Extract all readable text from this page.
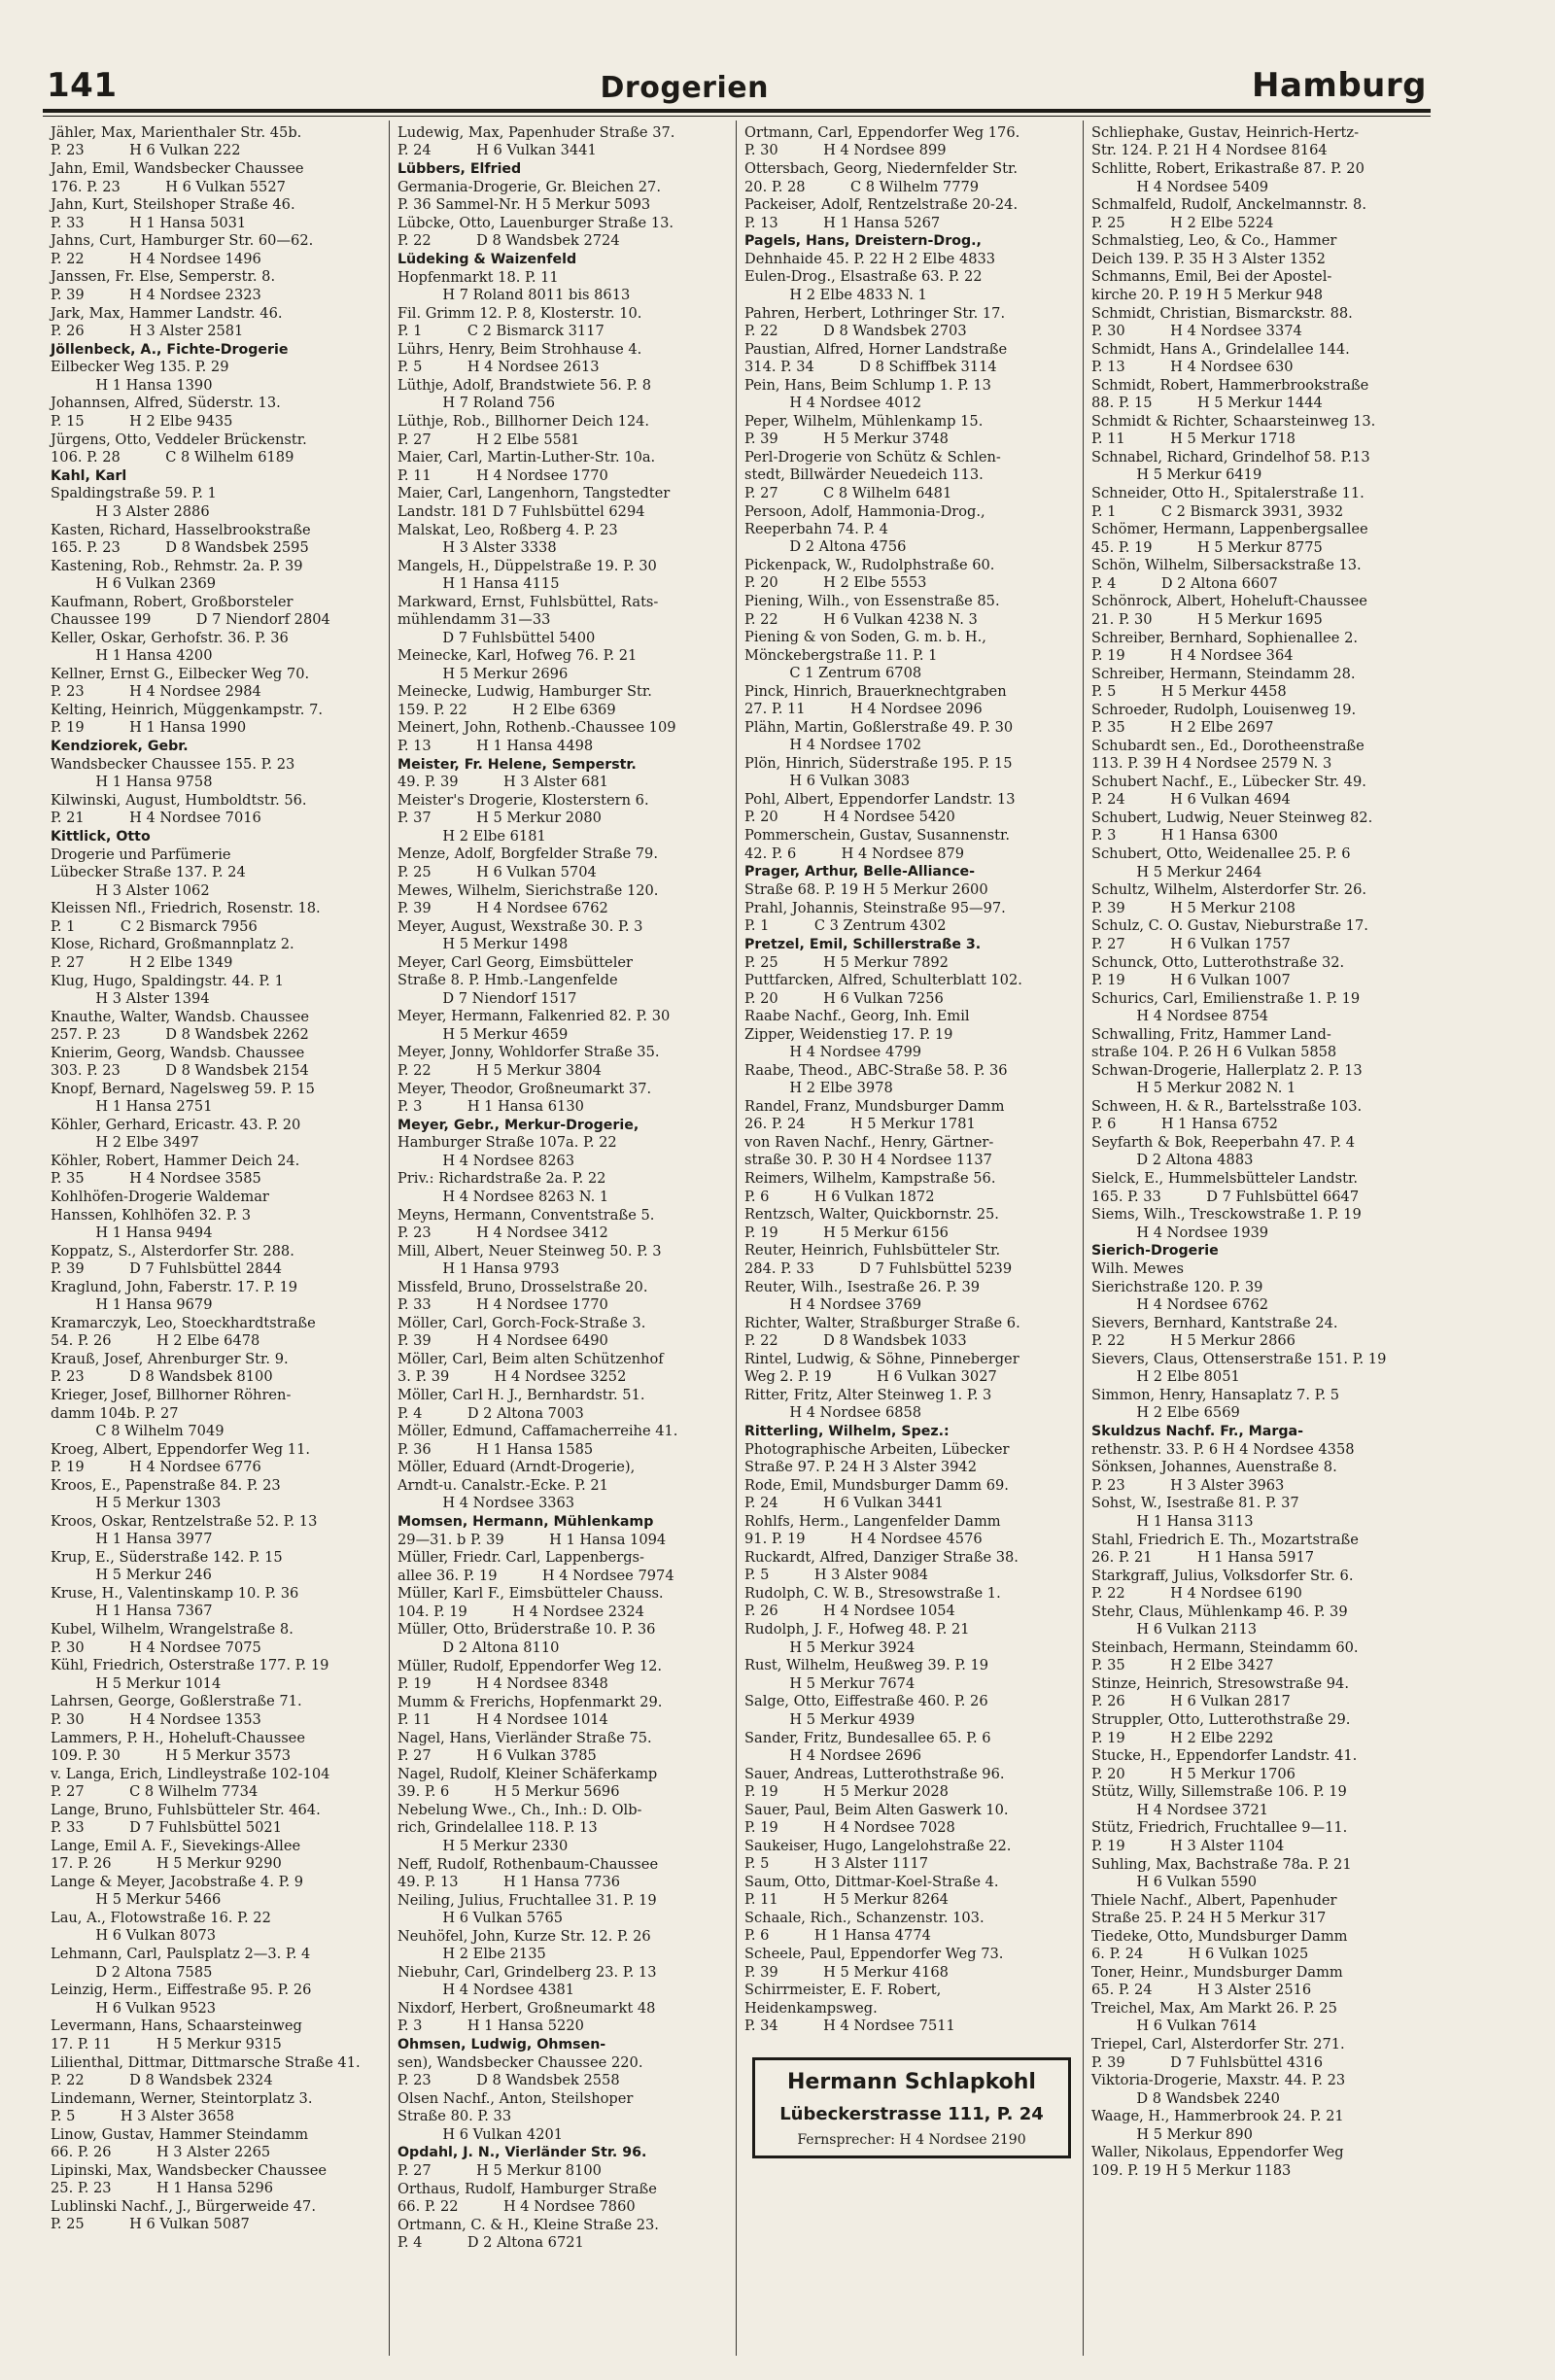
141	Drogerien	Hamburg
Jähler, Max, Marienthaler Str. 45b.
P. 23          H 6 Vulkan 222
Jahn, Emil, Wandsbecker Chaussee
176. P. 23          H 6 Vulkan 5527
Jahn, Kurt, Steilshoper Straße 46.
P. 33          H 1 Hansa 5031
Jahns, Curt, Hamburger Str. 60—62.
P. 22          H 4 Nordsee 1496
Janssen, Fr. Else, Semperstr. 8.
P. 39          H 4 Nordsee 2323
Jark, Max, Hammer Landstr. 46.
P. 26          H 3 Alster 2581
Jöllenbeck, A., Fichte-Drogerie
Eilbecker Weg 135. P. 29
H 1 Hansa 1390
Johannsen, Alfred, Süderstr. 13.
P. 15          H 2 Elbe 9435
Jürgens, Otto, Veddeler Brückenstr.
106. P. 28          C 8 Wilhelm 6189
Kahl, Karl
Spaldingstraße 59. P. 1
H 3 Alster 2886
Kasten, Richard, Hasselbrookstraße
165. P. 23          D 8 Wandsbek 2595
Kastening, Rob., Rehmstr. 2a. P. 39
H 6 Vulkan 2369
Kaufmann, Robert, Großborsteler
Chaussee 199          D 7 Niendorf 2804
Keller, Oskar, Gerhofstr. 36. P. 36
H 1 Hansa 4200
Kellner, Ernst G., Eilbecker Weg 70.
P. 23          H 4 Nordsee 2984
Kelting, Heinrich, Müggenkampstr. 7.
P. 19          H 1 Hansa 1990
Kendziorek, Gebr.
Wandsbecker Chaussee 155. P. 23
H 1 Hansa 9758
Kilwinski, August, Humboldtstr. 56.
P. 21          H 4 Nordsee 7016
Kittlick, Otto
Drogerie und Parfümerie
Lübecker Straße 137. P. 24
H 3 Alster 1062
Kleissen Nfl., Friedrich, Rosenstr. 18.
P. 1          C 2 Bismarck 7956
Klose, Richard, Großmannplatz 2.
P. 27          H 2 Elbe 1349
Klug, Hugo, Spaldingstr. 44. P. 1
H 3 Alster 1394
Knauthe, Walter, Wandsb. Chaussee
257. P. 23          D 8 Wandsbek 2262
Knierim, Georg, Wandsb. Chaussee
303. P. 23          D 8 Wandsbek 2154
Knopf, Bernard, Nagelsweg 59. P. 15
H 1 Hansa 2751
Köhler, Gerhard, Ericastr. 43. P. 20
H 2 Elbe 3497
Köhler, Robert, Hammer Deich 24.
P. 35          H 4 Nordsee 3585
Kohlhöfen-Drogerie Waldemar
Hanssen, Kohlhöfen 32. P. 3
H 1 Hansa 9494
Koppatz, S., Alsterdorfer Str. 288.
P. 39          D 7 Fuhlsbüttel 2844
Kraglund, John, Faberstr. 17. P. 19
H 1 Hansa 9679
Kramarczyk, Leo, Stoeckhardtstraße
54. P. 26          H 2 Elbe 6478
Krauß, Josef, Ahrenburger Str. 9.
P. 23          D 8 Wandsbek 8100
Krieger, Josef, Billhorner Röhren-
damm 104b. P. 27
C 8 Wilhelm 7049
Kroeg, Albert, Eppendorfer Weg 11.
P. 19          H 4 Nordsee 6776
Kroos, E., Papenstraße 84. P. 23
H 5 Merkur 1303
Kroos, Oskar, Rentzelstraße 52. P. 13
H 1 Hansa 3977
Krup, E., Süderstraße 142. P. 15
H 5 Merkur 246
Kruse, H., Valentinskamp 10. P. 36
H 1 Hansa 7367
Kubel, Wilhelm, Wrangelstraße 8.
P. 30          H 4 Nordsee 7075
Kühl, Friedrich, Osterstraße 177. P. 19
H 5 Merkur 1014
Lahrsen, George, Goßlerstraße 71.
P. 30          H 4 Nordsee 1353
Lammers, P. H., Hoheluft-Chaussee
109. P. 30          H 5 Merkur 3573
v. Langa, Erich, Lindleystraße 102-104
P. 27          C 8 Wilhelm 7734
Lange, Bruno, Fuhlsbütteler Str. 464.
P. 33          D 7 Fuhlsbüttel 5021
Lange, Emil A. F., Sievekings-Allee
17. P. 26          H 5 Merkur 9290
Lange & Meyer, Jacobstraße 4. P. 9
H 5 Merkur 5466
Lau, A., Flotowstraße 16. P. 22
H 6 Vulkan 8073
Lehmann, Carl, Paulsplatz 2—3. P. 4
D 2 Altona 7585
Leinzig, Herm., Eiffestraße 95. P. 26
H 6 Vulkan 9523
Levermann, Hans, Schaarsteinweg
17. P. 11          H 5 Merkur 9315
Lilienthal, Dittmar, Dittmarsche Straße 41.
P. 22          D 8 Wandsbek 2324
Lindemann, Werner, Steintorplatz 3.
P. 5          H 3 Alster 3658
Linow, Gustav, Hammer Steindamm
66. P. 26          H 3 Alster 2265
Lipinski, Max, Wandsbecker Chaussee
25. P. 23          H 1 Hansa 5296
Lublinski Nachf., J., Bürgerweide 47.
P. 25          H 6 Vulkan 5087
Ludewig, Max, Papenhuder Straße 37.
P. 24          H 6 Vulkan 3441
Lübbers, Elfried
Germania-Drogerie, Gr. Bleichen 27.
P. 36 Sammel-Nr. H 5 Merkur 5093
Lübcke, Otto, Lauenburger Straße 13.
P. 22          D 8 Wandsbek 2724
Lüdeking & Waizenfeld
Hopfenmarkt 18. P. 11
H 7 Roland 8011 bis 8613
Fil. Grimm 12. P. 8, Klosterstr. 10.
P. 1          C 2 Bismarck 3117
Lührs, Henry, Beim Strohhause 4.
P. 5          H 4 Nordsee 2613
Lüthje, Adolf, Brandstwiete 56. P. 8
H 7 Roland 756
Lüthje, Rob., Billhorner Deich 124.
P. 27          H 2 Elbe 5581
Maier, Carl, Martin-Luther-Str. 10a.
P. 11          H 4 Nordsee 1770
Maier, Carl, Langenhorn, Tangstedter
Landstr. 181 D 7 Fuhlsbüttel 6294
Malskat, Leo, Roßberg 4. P. 23
H 3 Alster 3338
Mangels, H., Düppelstraße 19. P. 30
H 1 Hansa 4115
Markward, Ernst, Fuhlsbüttel, Rats-
mühlendamm 31—33
D 7 Fuhlsbüttel 5400
Meinecke, Karl, Hofweg 76. P. 21
H 5 Merkur 2696
Meinecke, Ludwig, Hamburger Str.
159. P. 22          H 2 Elbe 6369
Meinert, John, Rothenb.-Chaussee 109
P. 13          H 1 Hansa 4498
Meister, Fr. Helene, Semperstr.
49. P. 39          H 3 Alster 681
Meister's Drogerie, Klosterstern 6.
P. 37          H 5 Merkur 2080
H 2 Elbe 6181
Menze, Adolf, Borgfelder Straße 79.
P. 25          H 6 Vulkan 5704
Mewes, Wilhelm, Sierichstraße 120.
P. 39          H 4 Nordsee 6762
Meyer, August, Wexstraße 30. P. 3
H 5 Merkur 1498
Meyer, Carl Georg, Eimsbütteler
Straße 8. P. Hmb.-Langenfelde
D 7 Niendorf 1517
Meyer, Hermann, Falkenried 82. P. 30
H 5 Merkur 4659
Meyer, Jonny, Wohldorfer Straße 35.
P. 22          H 5 Merkur 3804
Meyer, Theodor, Großneumarkt 37.
P. 3          H 1 Hansa 6130
Meyer, Gebr., Merkur-Drogerie,
Hamburger Straße 107a. P. 22
H 4 Nordsee 8263
Priv.: Richardstraße 2a. P. 22
H 4 Nordsee 8263 N. 1
Meyns, Hermann, Conventstraße 5.
P. 23          H 4 Nordsee 3412
Mill, Albert, Neuer Steinweg 50. P. 3
H 1 Hansa 9793
Missfeld, Bruno, Drosselstraße 20.
P. 33          H 4 Nordsee 1770
Möller, Carl, Gorch-Fock-Straße 3.
P. 39          H 4 Nordsee 6490
Möller, Carl, Beim alten Schützenhof
3. P. 39          H 4 Nordsee 3252
Möller, Carl H. J., Bernhardstr. 51.
P. 4          D 2 Altona 7003
Möller, Edmund, Caffamacherreihe 41.
P. 36          H 1 Hansa 1585
Möller, Eduard (Arndt-Drogerie),
Arndt-u. Canalstr.-Ecke. P. 21
H 4 Nordsee 3363
Momsen, Hermann, Mühlenkamp
29—31. b P. 39          H 1 Hansa 1094
Müller, Friedr. Carl, Lappenbergs-
allee 36. P. 19          H 4 Nordsee 7974
Müller, Karl F., Eimsbütteler Chauss.
104. P. 19          H 4 Nordsee 2324
Müller, Otto, Brüderstraße 10. P. 36
D 2 Altona 8110
Müller, Rudolf, Eppendorfer Weg 12.
P. 19          H 4 Nordsee 8348
Mumm & Frerichs, Hopfenmarkt 29.
P. 11          H 4 Nordsee 1014
Nagel, Hans, Vierländer Straße 75.
P. 27          H 6 Vulkan 3785
Nagel, Rudolf, Kleiner Schäferkamp
39. P. 6          H 5 Merkur 5696
Nebelung Wwe., Ch., Inh.: D. Olb-
rich, Grindelallee 118. P. 13
H 5 Merkur 2330
Neff, Rudolf, Rothenbaum-Chaussee
49. P. 13          H 1 Hansa 7736
Neiling, Julius, Fruchtallee 31. P. 19
H 6 Vulkan 5765
Neuhöfel, John, Kurze Str. 12. P. 26
H 2 Elbe 2135
Niebuhr, Carl, Grindelberg 23. P. 13
H 4 Nordsee 4381
Nixdorf, Herbert, Großneumarkt 48
P. 3          H 1 Hansa 5220
Ohmsen, Ludwig, Ohmsen-
sen), Wandsbecker Chaussee 220.
P. 23          D 8 Wandsbek 2558
Olsen Nachf., Anton, Steilshoper
Straße 80. P. 33
H 6 Vulkan 4201
Opdahl, J. N., Vierländer Str. 96.
P. 27          H 5 Merkur 8100
Orthaus, Rudolf, Hamburger Straße
66. P. 22          H 4 Nordsee 7860
Ortmann, C. & H., Kleine Straße 23.
P. 4          D 2 Altona 6721
Ortmann, Carl, Eppendorfer Weg 176.
P. 30          H 4 Nordsee 899
Ottersbach, Georg, Niedernfelder Str.
20. P. 28          C 8 Wilhelm 7779
Packeiser, Adolf, Rentzelstraße 20-24.
P. 13          H 1 Hansa 5267
Pagels, Hans, Dreistern-Drog.,
Dehnhaide 45. P. 22 H 2 Elbe 4833
Eulen-Drog., Elsastraße 63. P. 22
H 2 Elbe 4833 N. 1
Pahren, Herbert, Lothringer Str. 17.
P. 22          D 8 Wandsbek 2703
Paustian, Alfred, Horner Landstraße
314. P. 34          D 8 Schiffbek 3114
Pein, Hans, Beim Schlump 1. P. 13
H 4 Nordsee 4012
Peper, Wilhelm, Mühlenkamp 15.
P. 39          H 5 Merkur 3748
Perl-Drogerie von Schütz & Schlen-
stedt, Billwärder Neuedeich 113.
P. 27          C 8 Wilhelm 6481
Persoon, Adolf, Hammonia-Drog.,
Reeperbahn 74. P. 4
D 2 Altona 4756
Pickenpack, W., Rudolphstraße 60.
P. 20          H 2 Elbe 5553
Piening, Wilh., von Essenstraße 85.
P. 22          H 6 Vulkan 4238 N. 3
Piening & von Soden, G. m. b. H.,
Mönckebergstraße 11. P. 1
C 1 Zentrum 6708
Pinck, Hinrich, Brauerknechtgraben
27. P. 11          H 4 Nordsee 2096
Plähn, Martin, Goßlerstraße 49. P. 30
H 4 Nordsee 1702
Plön, Hinrich, Süderstraße 195. P. 15
H 6 Vulkan 3083
Pohl, Albert, Eppendorfer Landstr. 13
P. 20          H 4 Nordsee 5420
Pommerschein, Gustav, Susannenstr.
42. P. 6          H 4 Nordsee 879
Prager, Arthur, Belle-Alliance-
Straße 68. P. 19 H 5 Merkur 2600
Prahl, Johannis, Steinstraße 95—97.
P. 1          C 3 Zentrum 4302
Pretzel, Emil, Schillerstraße 3.
P. 25          H 5 Merkur 7892
Puttfarcken, Alfred, Schulterblatt 102.
P. 20          H 6 Vulkan 7256
Raabe Nachf., Georg, Inh. Emil
Zipper, Weidenstieg 17. P. 19
H 4 Nordsee 4799
Raabe, Theod., ABC-Straße 58. P. 36
H 2 Elbe 3978
Randel, Franz, Mundsburger Damm
26. P. 24          H 5 Merkur 1781
von Raven Nachf., Henry, Gärtner-
straße 30. P. 30 H 4 Nordsee 1137
Reimers, Wilhelm, Kampstraße 56.
P. 6          H 6 Vulkan 1872
Rentzsch, Walter, Quickbornstr. 25.
P. 19          H 5 Merkur 6156
Reuter, Heinrich, Fuhlsbütteler Str.
284. P. 33          D 7 Fuhlsbüttel 5239
Reuter, Wilh., Isestraße 26. P. 39
H 4 Nordsee 3769
Richter, Walter, Straßburger Straße 6.
P. 22          D 8 Wandsbek 1033
Rintel, Ludwig, & Söhne, Pinneberger
Weg 2. P. 19          H 6 Vulkan 3027
Ritter, Fritz, Alter Steinweg 1. P. 3
H 4 Nordsee 6858
Ritterling, Wilhelm, Spez.:
Photographische Arbeiten, Lübecker
Straße 97. P. 24 H 3 Alster 3942
Rode, Emil, Mundsburger Damm 69.
P. 24          H 6 Vulkan 3441
Rohlfs, Herm., Langenfelder Damm
91. P. 19          H 4 Nordsee 4576
Ruckardt, Alfred, Danziger Straße 38.
P. 5          H 3 Alster 9084
Rudolph, C. W. B., Stresowstraße 1.
P. 26          H 4 Nordsee 1054
Rudolph, J. F., Hofweg 48. P. 21
H 5 Merkur 3924
Rust, Wilhelm, Heußweg 39. P. 19
H 5 Merkur 7674
Salge, Otto, Eiffestraße 460. P. 26
H 5 Merkur 4939
Sander, Fritz, Bundesallee 65. P. 6
H 4 Nordsee 2696
Sauer, Andreas, Lutterothstraße 96.
P. 19          H 5 Merkur 2028
Sauer, Paul, Beim Alten Gaswerk 10.
P. 19          H 4 Nordsee 7028
Saukeiser, Hugo, Langelohstraße 22.
P. 5          H 3 Alster 1117
Saum, Otto, Dittmar-Koel-Straße 4.
P. 11          H 5 Merkur 8264
Schaale, Rich., Schanzenstr. 103.
P. 6          H 1 Hansa 4774
Scheele, Paul, Eppendorfer Weg 73.
P. 39          H 5 Merkur 4168
Schirrmeister, E. F. Robert, Heidenkampsweg.
P. 34          H 4 Nordsee 7511
Hermann Schlapkohl
Lübeckerstrasse 111, P. 24
Fernsprecher: H 4 Nordsee 2190
Schliephake, Gustav, Heinrich-Hertz-
Str. 124. P. 21 H 4 Nordsee 8164
Schlitte, Robert, Erikastraße 87. P. 20
H 4 Nordsee 5409
Schmalfeld, Rudolf, Anckelmannstr. 8.
P. 25          H 2 Elbe 5224
Schmalstieg, Leo, & Co., Hammer
Deich 139. P. 35 H 3 Alster 1352
Schmanns, Emil, Bei der Apostel-
kirche 20. P. 19 H 5 Merkur 948
Schmidt, Christian, Bismarckstr. 88.
P. 30          H 4 Nordsee 3374
Schmidt, Hans A., Grindelallee 144.
P. 13          H 4 Nordsee 630
Schmidt, Robert, Hammerbrookstraße
88. P. 15          H 5 Merkur 1444
Schmidt & Richter, Schaarsteinweg 13.
P. 11          H 5 Merkur 1718
Schnabel, Richard, Grindelhof 58. P.13
H 5 Merkur 6419
Schneider, Otto H., Spitalerstraße 11.
P. 1          C 2 Bismarck 3931, 3932
Schömer, Hermann, Lappenbergsallee
45. P. 19          H 5 Merkur 8775
Schön, Wilhelm, Silbersackstraße 13.
P. 4          D 2 Altona 6607
Schönrock, Albert, Hoheluft-Chaussee
21. P. 30          H 5 Merkur 1695
Schreiber, Bernhard, Sophienallee 2.
P. 19          H 4 Nordsee 364
Schreiber, Hermann, Steindamm 28.
P. 5          H 5 Merkur 4458
Schroeder, Rudolph, Louisenweg 19.
P. 35          H 2 Elbe 2697
Schubardt sen., Ed., Dorotheenstraße
113. P. 39 H 4 Nordsee 2579 N. 3
Schubert Nachf., E., Lübecker Str. 49.
P. 24          H 6 Vulkan 4694
Schubert, Ludwig, Neuer Steinweg 82.
P. 3          H 1 Hansa 6300
Schubert, Otto, Weidenallee 25. P. 6
H 5 Merkur 2464
Schultz, Wilhelm, Alsterdorfer Str. 26.
P. 39          H 5 Merkur 2108
Schulz, C. O. Gustav, Nieburstraße 17.
P. 27          H 6 Vulkan 1757
Schunck, Otto, Lutterothstraße 32.
P. 19          H 6 Vulkan 1007
Schurics, Carl, Emilienstraße 1. P. 19
H 4 Nordsee 8754
Schwalling, Fritz, Hammer Land-
straße 104. P. 26 H 6 Vulkan 5858
Schwan-Drogerie, Hallerplatz 2. P. 13
H 5 Merkur 2082 N. 1
Schween, H. & R., Bartelsstraße 103.
P. 6          H 1 Hansa 6752
Seyfarth & Bok, Reeperbahn 47. P. 4
D 2 Altona 4883
Sielck, E., Hummelsbütteler Landstr.
165. P. 33          D 7 Fuhlsbüttel 6647
Siems, Wilh., Tresckowstraße 1. P. 19
H 4 Nordsee 1939
Sierich-Drogerie
Wilh. Mewes
Sierichstraße 120. P. 39
H 4 Nordsee 6762
Sievers, Bernhard, Kantstraße 24.
P. 22          H 5 Merkur 2866
Sievers, Claus, Ottenserstraße 151. P. 19
H 2 Elbe 8051
Simmon, Henry, Hansaplatz 7. P. 5
H 2 Elbe 6569
Skuldzus Nachf. Fr., Marga-
rethenstr. 33. P. 6 H 4 Nordsee 4358
Sönksen, Johannes, Auenstraße 8.
P. 23          H 3 Alster 3963
Sohst, W., Isestraße 81. P. 37
H 1 Hansa 3113
Stahl, Friedrich E. Th., Mozartstraße
26. P. 21          H 1 Hansa 5917
Starkgraff, Julius, Volksdorfer Str. 6.
P. 22          H 4 Nordsee 6190
Stehr, Claus, Mühlenkamp 46. P. 39
H 6 Vulkan 2113
Steinbach, Hermann, Steindamm 60.
P. 35          H 2 Elbe 3427
Stinze, Heinrich, Stresowstraße 94.
P. 26          H 6 Vulkan 2817
Struppler, Otto, Lutterothstraße 29.
P. 19          H 2 Elbe 2292
Stucke, H., Eppendorfer Landstr. 41.
P. 20          H 5 Merkur 1706
Stütz, Willy, Sillemstraße 106. P. 19
H 4 Nordsee 3721
Stütz, Friedrich, Fruchtallee 9—11.
P. 19          H 3 Alster 1104
Suhling, Max, Bachstraße 78a. P. 21
H 6 Vulkan 5590
Thiele Nachf., Albert, Papenhuder
Straße 25. P. 24 H 5 Merkur 317
Tiedeke, Otto, Mundsburger Damm
6. P. 24          H 6 Vulkan 1025
Toner, Heinr., Mundsburger Damm
65. P. 24          H 3 Alster 2516
Treichel, Max, Am Markt 26. P. 25
H 6 Vulkan 7614
Triepel, Carl, Alsterdorfer Str. 271.
P. 39          D 7 Fuhlsbüttel 4316
Viktoria-Drogerie, Maxstr. 44. P. 23
D 8 Wandsbek 2240
Waage, H., Hammerbrook 24. P. 21
H 5 Merkur 890
Waller, Nikolaus, Eppendorfer Weg
109. P. 19 H 5 Merkur 1183
